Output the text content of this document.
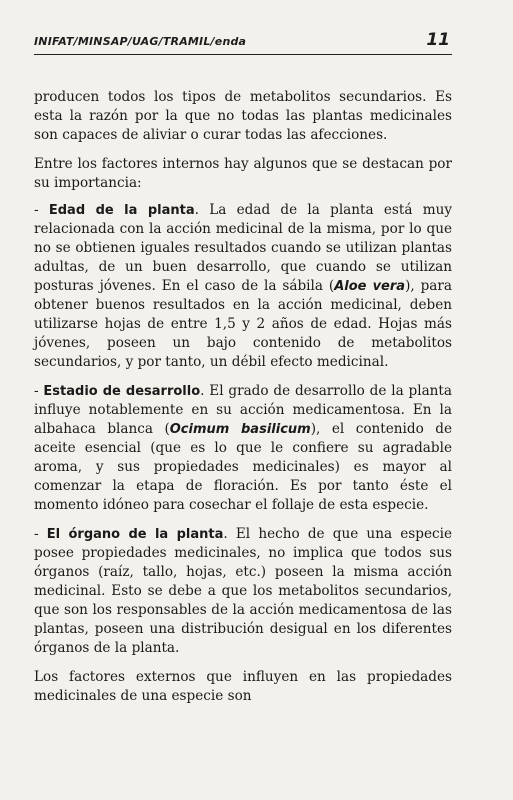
INIFAT/MINSAP/UAG/TRAMIL/enda	11

producen todos los tipos de metabolitos secundarios. Es esta la razón por la que no todas las plantas medicinales son capaces de aliviar o curar todas las afecciones.

Entre los factores internos hay algunos que se destacan por su importancia:

- Edad de la planta. La edad de la planta está muy relacionada con la acción medicinal de la misma, por lo que no se obtienen iguales resultados cuando se utilizan plantas adultas, de un buen desarrollo, que cuando se utilizan posturas jóvenes. En el caso de la sábila (Aloe vera), para obtener buenos resultados en la acción medicinal, deben utilizarse hojas de entre 1,5 y 2 años de edad. Hojas más jóvenes, poseen un bajo contenido de metabolitos secundarios, y por tanto, un débil efecto medicinal.

- Estadio de desarrollo. El grado de desarrollo de la planta influye notablemente en su acción medicamentosa. En la albahaca blanca (Ocimum basilicum), el contenido de aceite esencial (que es lo que le confiere su agradable aroma, y sus propiedades medicinales) es mayor al comenzar la etapa de floración. Es por tanto éste el momento idóneo para cosechar el follaje de esta especie.

- El órgano de la planta. El hecho de que una especie posee propiedades medicinales, no implica que todos sus órganos (raíz, tallo, hojas, etc.) poseen la misma acción medicinal. Esto se debe a que los metabolitos secundarios, que son los responsables de la acción medicamentosa de las plantas, poseen una distribución desigual en los diferentes órganos de la planta.

Los factores externos que influyen en las propiedades medicinales de una especie son
